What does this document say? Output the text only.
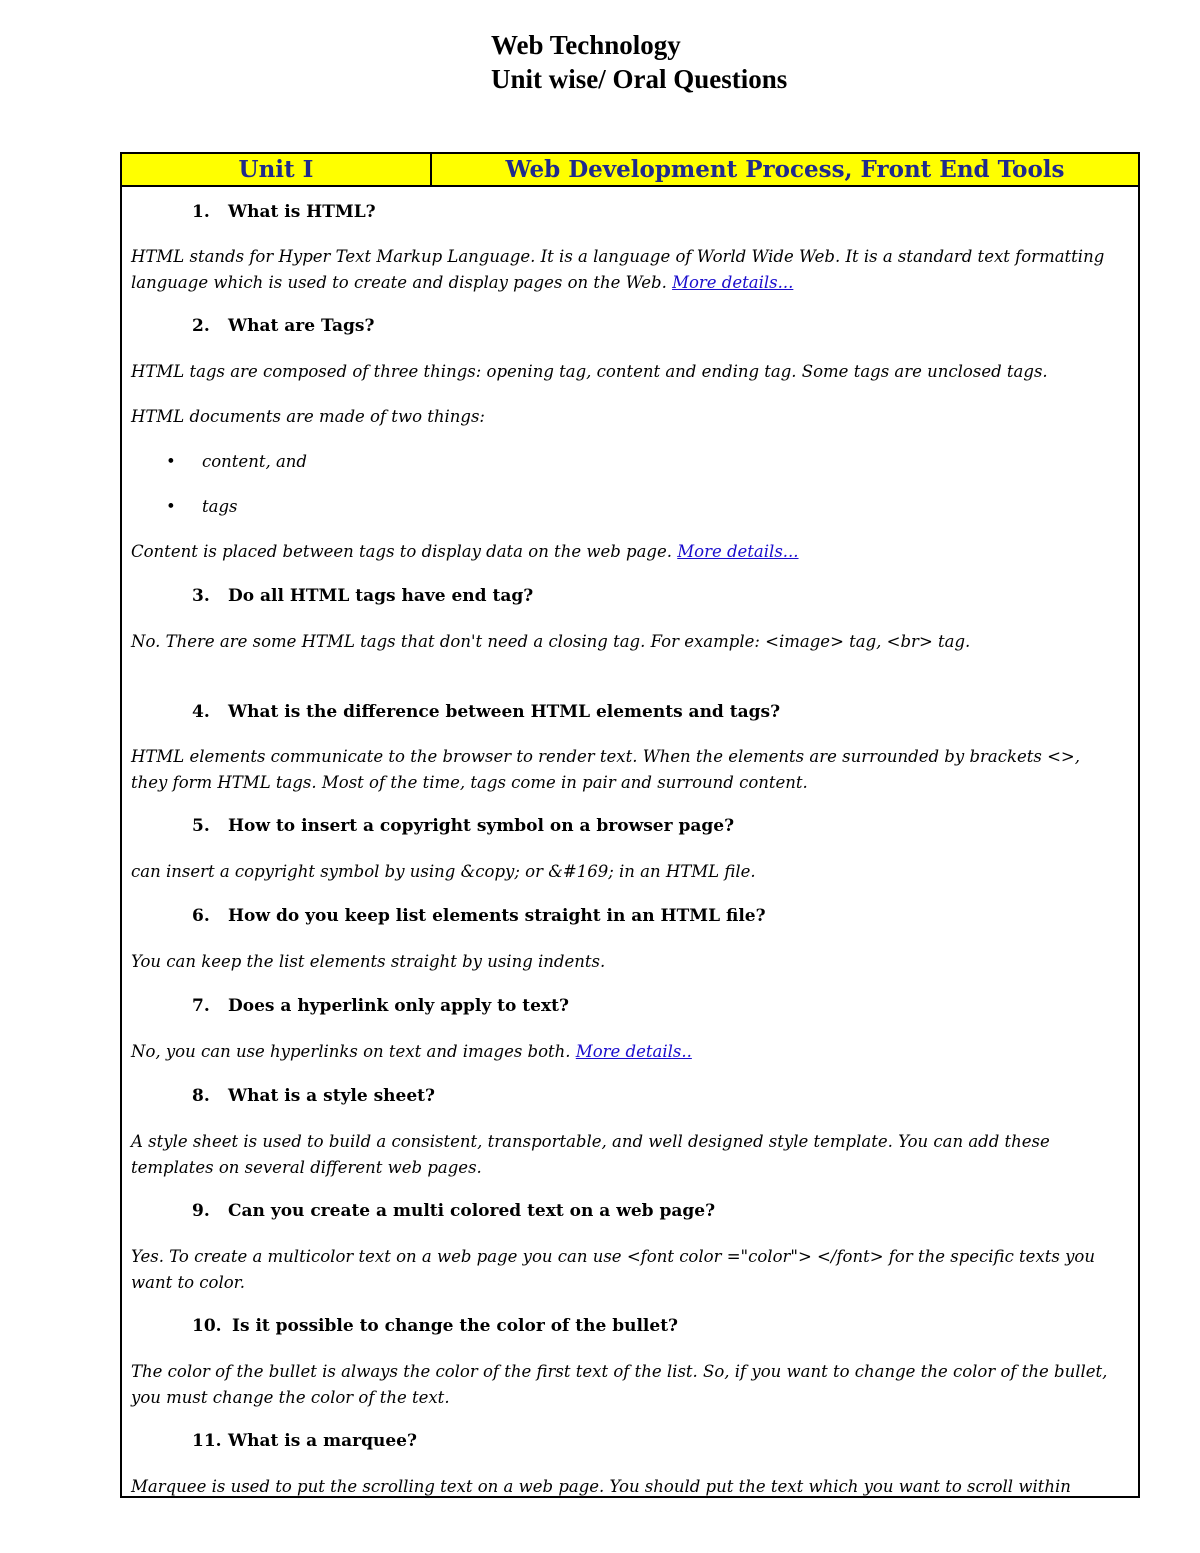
Web Technology
Unit wise/ Oral Questions
Unit I	Web Development Process, Front End Tools
1. What is HTML?
HTML stands for Hyper Text Markup Language. It is a language of World Wide Web. It is a standard text formatting language which is used to create and display pages on the Web. More details...
2. What are Tags?
HTML tags are composed of three things: opening tag, content and ending tag. Some tags are unclosed tags.
HTML documents are made of two things:
• content, and
• tags
Content is placed between tags to display data on the web page. More details...
3. Do all HTML tags have end tag?
No. There are some HTML tags that don't need a closing tag. For example: <image> tag, <br> tag.
4. What is the difference between HTML elements and tags?
HTML elements communicate to the browser to render text. When the elements are surrounded by brackets <>, they form HTML tags. Most of the time, tags come in pair and surround content.
5. How to insert a copyright symbol on a browser page?
can insert a copyright symbol by using &copy; or &#169; in an HTML file.
6. How do you keep list elements straight in an HTML file?
You can keep the list elements straight by using indents.
7. Does a hyperlink only apply to text?
No, you can use hyperlinks on text and images both. More details..
8. What is a style sheet?
A style sheet is used to build a consistent, transportable, and well designed style template. You can add these templates on several different web pages.
9. Can you create a multi colored text on a web page?
Yes. To create a multicolor text on a web page you can use <font color ="color"> </font> for the specific texts you want to color.
10. Is it possible to change the color of the bullet?
The color of the bullet is always the color of the first text of the list. So, if you want to change the color of the bullet, you must change the color of the text.
11. What is a marquee?
Marquee is used to put the scrolling text on a web page. You should put the text which you want to scroll within
